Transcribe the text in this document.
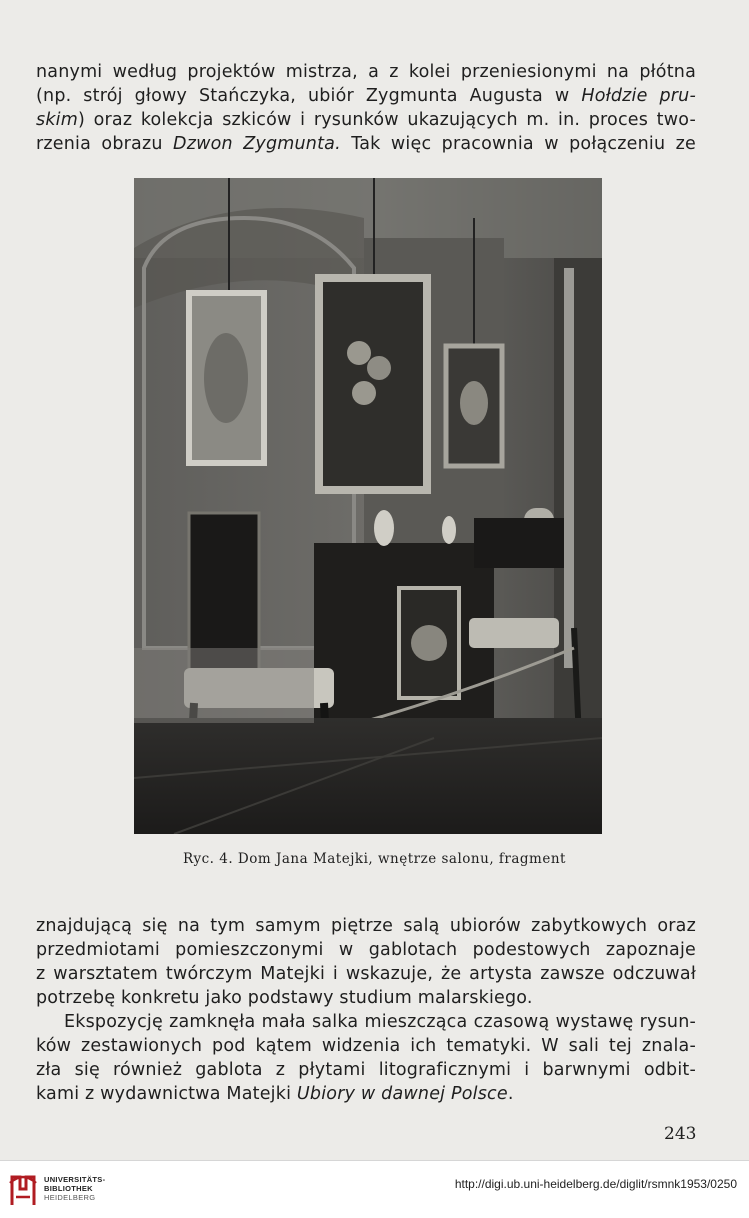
nanymi według projektów mistrza, a z kolei przeniesionymi na płótna
(np. strój głowy Stańczyka, ubiór Zygmunta Augusta w Hołdzie pru-
skim) oraz kolekcja szkiców i rysunków ukazujących m. in. proces two-
rzenia obrazu Dzwon Zygmunta. Tak więc pracownia w połączeniu ze

Ryc. 4. Dom Jana Matejki, wnętrze salonu, fragment

znajdującą się na tym samym piętrze salą ubiorów zabytkowych oraz
przedmiotami pomieszczonymi w gablotach podestowych zapoznaje
z warsztatem twórczym Matejki i wskazuje, że artysta zawsze odczuwał
potrzebę konkretu jako podstawy studium malarskiego.

Ekspozycję zamknęła mała salka mieszcząca czasową wystawę rysun-
ków zestawionych pod kątem widzenia ich tematyki. W sali tej znala-
zła się również gablota z płytami litograficznymi i barwnymi odbit-
kami z wydawnictwa Matejki Ubiory w dawnej Polsce.

243
UNIVERSITÄTS-
BIBLIOTHEK
HEIDELBERG
http://digi.ub.uni-heidelberg.de/diglit/rsmnk1953/0250
